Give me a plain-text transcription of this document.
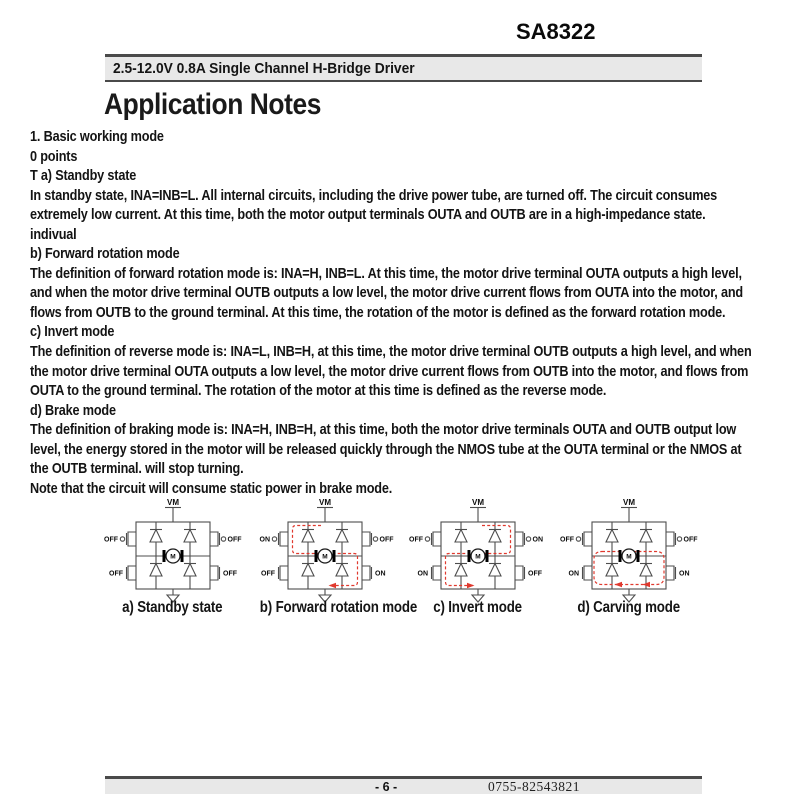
SA8322
2.5-12.0V 0.8A Single Channel H-Bridge Driver
Application Notes
1. Basic working mode
0 points
T a) Standby state
In standby state, INA=INB=L. All internal circuits, including the drive power tube, are turned off. The circuit consumes
extremely low current. At this time, both the motor output terminals OUTA and OUTB are in a high-impedance state.
indivual
b) Forward rotation mode
The definition of forward rotation mode is: INA=H, INB=L. At this time, the motor drive terminal OUTA outputs a high level,
and when the motor drive terminal OUTB outputs a low level, the motor drive current flows from OUTA into the motor, and
flows from OUTB to the ground terminal. At this time, the rotation of the motor is defined as the forward rotation mode.
c) Invert mode
The definition of reverse mode is: INA=L, INB=H, at this time, the motor drive terminal OUTB outputs a high level, and when
the motor drive terminal OUTA outputs a low level, the motor drive current flows from OUTB into the motor, and flows from
OUTA to the ground terminal. The rotation of the motor at this time is defined as the reverse mode.
d) Brake mode
The definition of braking mode is: INA=H, INB=H, at this time, both the motor drive terminals OUTA and OUTB output low
level, the energy stored in the motor will be released quickly through the NMOS tube at the OUTA terminal or the NMOS at
the OUTB terminal. will stop turning.
Note that the circuit will consume static power in brake mode.
VM
M
OFF
OFF
OFF
OFF
VM
M
ON
OFF
OFF
ON
VM
M
OFF
ON
ON
OFF
VM
M
OFF
ON
OFF
ON
a) Standby state	b) Forward rotation mode	c) Invert mode	d) Carving mode
- 6 -	0755-82543821
